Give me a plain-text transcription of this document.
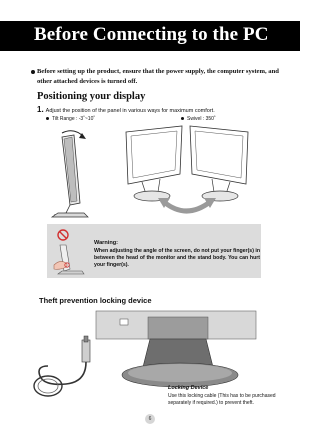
Before Connecting to the PC

Before setting up the product, ensure that the power supply, the computer system, and other attached devices is turned off.

Positioning your display
1. Adjust the position of the panel in various ways for maximum comfort.
Tilt Range : -3˚~10˚	Swivel : 350˚
Warning:
When adjusting the angle of the screen, do not put your finger(s) in between the head of the monitor and the stand body. You can hurt your finger(s).
Theft prevention locking device
Locking Device
Use this locking cable (This has to be purchased separately if required.) to prevent theft.
6
